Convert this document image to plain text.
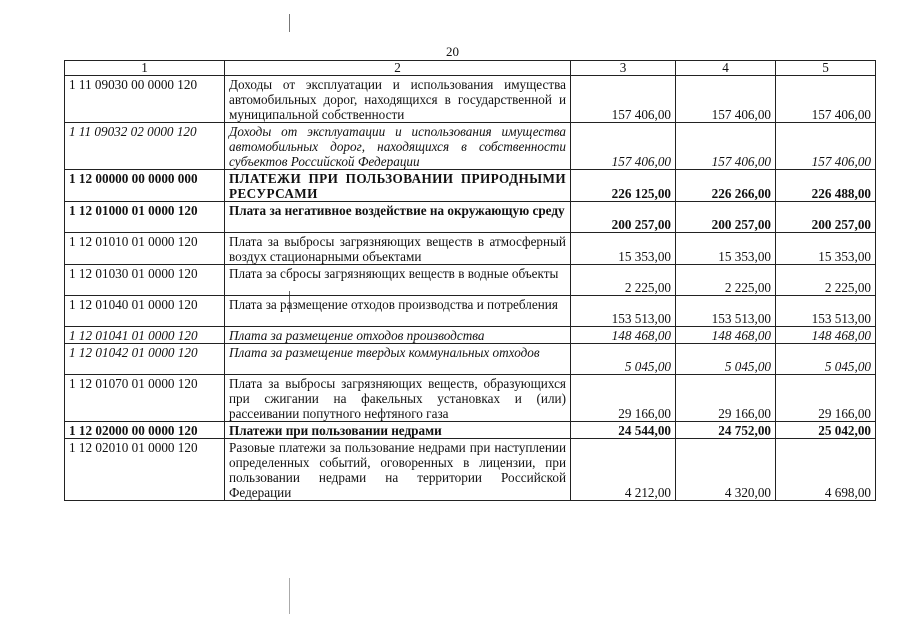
20
1	2	3	4	5
1 11 09030 00 0000 120	Доходы от эксплуатации и использования имущества автомобильных дорог, находящихся в государственной и муниципальной собственности	157 406,00	157 406,00	157 406,00
1 11 09032 02 0000 120	Доходы от эксплуатации и использования имущества автомобильных дорог, находящихся в собственности субъектов Российской Федерации	157 406,00	157 406,00	157 406,00
1 12 00000 00 0000 000	ПЛАТЕЖИ ПРИ ПОЛЬЗОВАНИИ ПРИРОДНЫМИ РЕСУРСАМИ	226 125,00	226 266,00	226 488,00
1 12 01000 01 0000 120	Плата за негативное воздействие на окружающую среду	200 257,00	200 257,00	200 257,00
1 12 01010 01 0000 120	Плата за выбросы загрязняющих веществ в атмосферный воздух стационарными объектами	15 353,00	15 353,00	15 353,00
1 12 01030 01 0000 120	Плата за сбросы загрязняющих веществ в водные объекты	2 225,00	2 225,00	2 225,00
1 12 01040 01 0000 120	Плата за размещение отходов производства и потребления	153 513,00	153 513,00	153 513,00
1 12 01041 01 0000 120	Плата за размещение отходов производства	148 468,00	148 468,00	148 468,00
1 12 01042 01 0000 120	Плата за размещение твердых коммунальных отходов	5 045,00	5 045,00	5 045,00
1 12 01070 01 0000 120	Плата за выбросы загрязняющих веществ, образующихся при сжигании на факельных установках и (или) рассеивании попутного нефтяного газа	29 166,00	29 166,00	29 166,00
1 12 02000 00 0000 120	Платежи при пользовании недрами	24 544,00	24 752,00	25 042,00
1 12 02010 01 0000 120	Разовые платежи за пользование недрами при наступлении определенных событий, оговоренных в лицензии, при пользовании недрами на территории Российской Федерации	4 212,00	4 320,00	4 698,00
